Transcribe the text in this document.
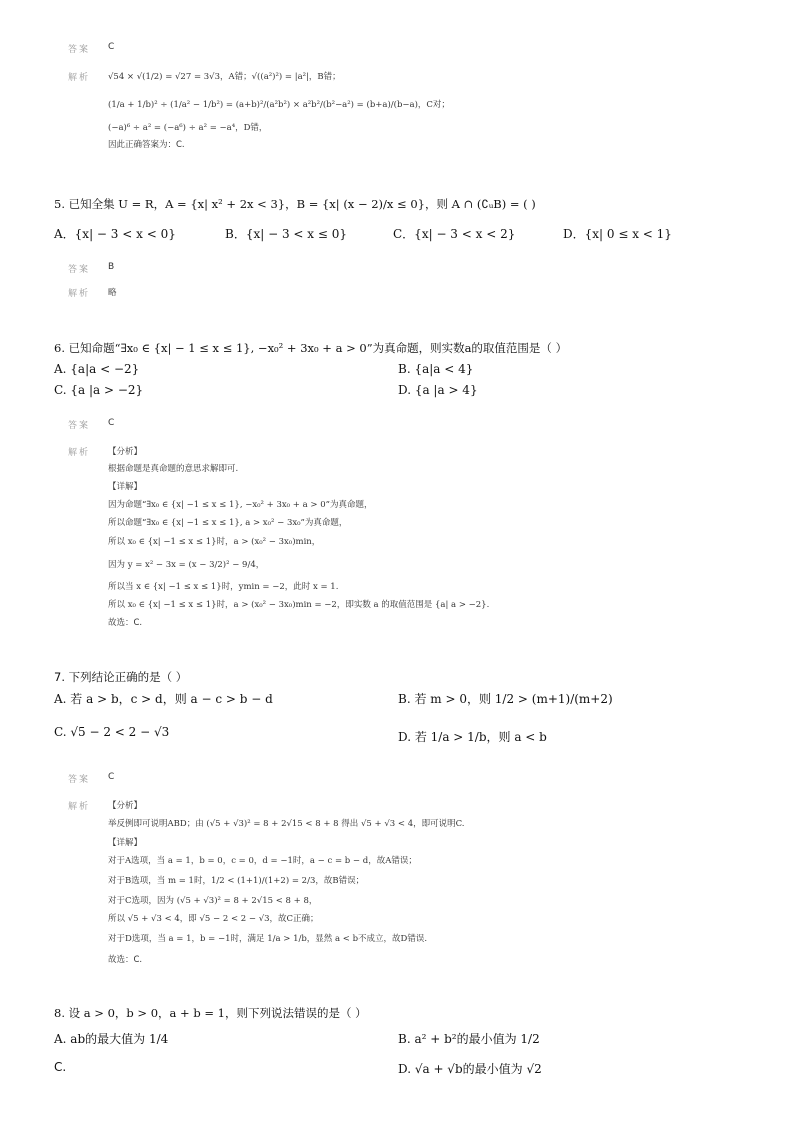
答案 C
解析 √54 × √(1/2) = √27 = 3√3，A错；√((a²)²) = |a²|，B错；
(1/a + 1/b)² ÷ (1/a² − 1/b²) = (a+b)²/(a²b²) × a²b²/(b²−a²) = (b+a)/(b−a)，C对；
(−a)⁶ ÷ a² = (−a⁶) ÷ a² = −a⁴，D错，
因此正确答案为：C.
5. 已知全集 U = R，A = {x| x² + 2x < 3}，B = {x| (x − 2)/x ≤ 0}，则 A ∩ (∁ᵤB) = ( )
A．{x| − 3 < x < 0}	B．{x| − 3 < x ≤ 0}	C．{x| − 3 < x < 2}	D．{x| 0 ≤ x < 1}
答案 B
解析 略
6. 已知命题“∃x₀ ∈ {x| − 1 ≤ x ≤ 1}, −x₀² + 3x₀ + a > 0”为真命题，则实数a的取值范围是（ ）
A. {a|a < −2}	B. {a|a < 4}
C. {a |a > −2}	D. {a |a > 4}
答案 C
解析 【分析】
根据命题是真命题的意思求解即可.
【详解】
因为命题“∃x₀ ∈ {x| −1 ≤ x ≤ 1}, −x₀² + 3x₀ + a > 0”为真命题，
所以命题“∃x₀ ∈ {x| −1 ≤ x ≤ 1}, a > x₀² − 3x₀”为真命题，
所以 x₀ ∈ {x| −1 ≤ x ≤ 1}时，a > (x₀² − 3x₀)min，
因为 y = x² − 3x = (x − 3/2)² − 9/4，
所以当 x ∈ {x| −1 ≤ x ≤ 1}时，ymin = −2，此时 x = 1.
所以 x₀ ∈ {x| −1 ≤ x ≤ 1}时，a > (x₀² − 3x₀)min = −2，即实数 a 的取值范围是 {a| a > −2}.
故选：C.
7. 下列结论正确的是（ ）
A. 若 a > b，c > d，则 a − c > b − d	B. 若 m > 0，则 1/2 > (m+1)/(m+2)
C. √5 − 2 < 2 − √3	D. 若 1/a > 1/b，则 a < b
答案 C
解析 【分析】
举反例即可说明ABD；由 (√5 + √3)² = 8 + 2√15 < 8 + 8 得出 √5 + √3 < 4，即可说明C.
【详解】
对于A选项，当 a = 1，b = 0，c = 0，d = −1时，a − c = b − d，故A错误；
对于B选项，当 m = 1时，1/2 < (1+1)/(1+2) = 2/3，故B错误；
对于C选项，因为 (√5 + √3)² = 8 + 2√15 < 8 + 8，
所以 √5 + √3 < 4，即 √5 − 2 < 2 − √3，故C正确；
对于D选项，当 a = 1，b = −1时，满足 1/a > 1/b，显然 a < b不成立，故D错误.
故选：C.
8. 设 a > 0，b > 0，a + b = 1，则下列说法错误的是（ ）
A. ab的最大值为 1/4	B. a² + b²的最小值为 1/2
C.	D. √a + √b的最小值为 √2
